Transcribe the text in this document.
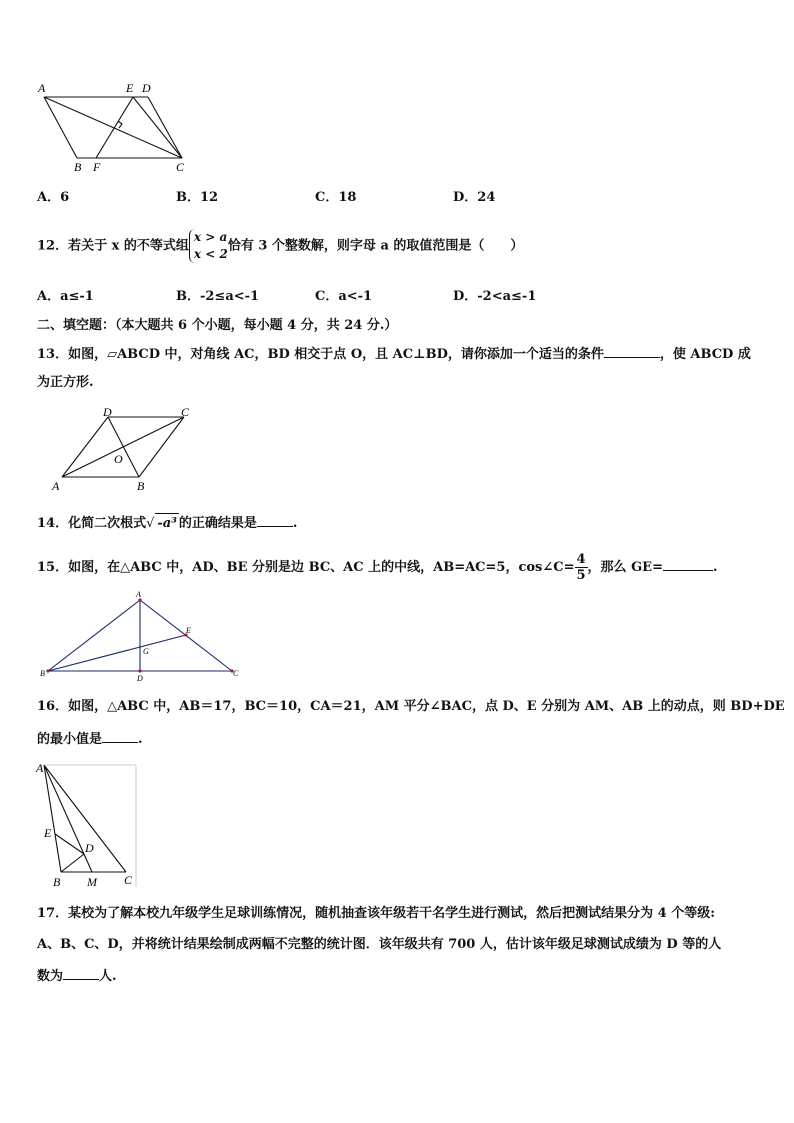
A	E D
B F	C
A．6	B．12	C．18	D．24
12．若关于 x 的不等式组
x > a
x < 2
恰有 3 个整数解，则字母 a 的取值范围是（　　）
A．a≤-1	B．-2≤a<-1	C．a<-1	D．-2<a≤-1
二、填空题：（本大题共 6 个小题，每小题 4 分，共 24 分.）
13．如图，▱ABCD 中，对角线 AC，BD 相交于点 O，且 AC⊥BD，请你添加一个适当的条件	，使 ABCD 成
为正方形.
D	C
O
A	B
14．化简二次根式√ -a³ 的正确结果是	.
15．如图，在△ABC 中，AD、BE 分别是边 BC、AC 上的中线，AB=AC=5，cos∠C= $\frac{4}{5}$ ，那么 GE=	.
A
E
G
B
D
C
16．如图，△ABC 中，AB＝17，BC＝10，CA＝21，AM 平分∠BAC，点 D、E 分别为 AM、AB 上的动点，则 BD+DE
的最小值是	.
A
E
D
B M C
17．某校为了解本校九年级学生足球训练情况，随机抽查该年级若干名学生进行测试，然后把测试结果分为 4 个等级:
A、B、C、D，并将统计结果绘制成两幅不完整的统计图．该年级共有 700 人，估计该年级足球测试成绩为 D 等的人
数为	人.
